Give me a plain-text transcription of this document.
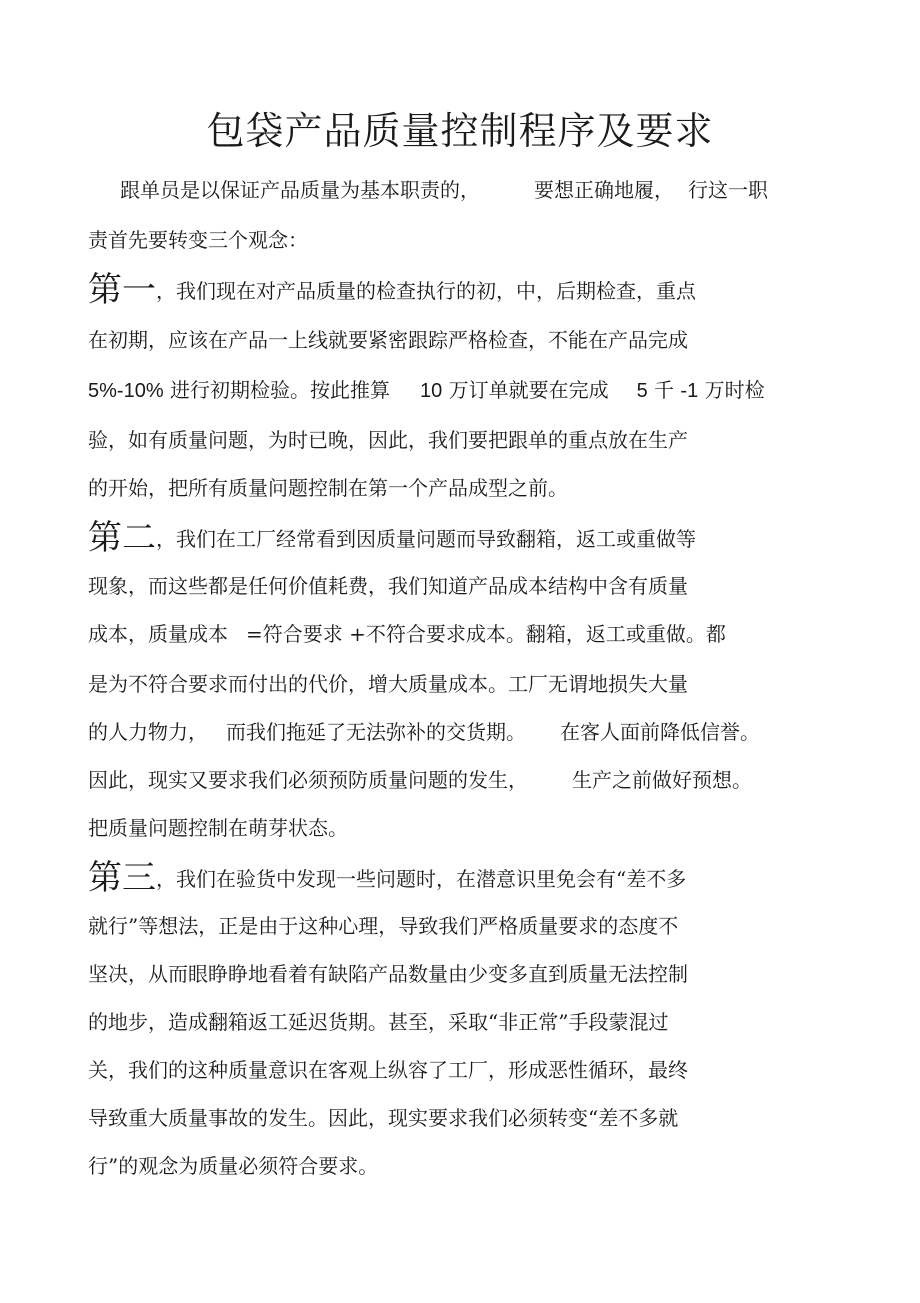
包袋产品质量控制程序及要求
跟单员是以保证产品质量为基本职责的，	要想正确地履， 行这一职
责首先要转变三个观念：
第一，我们现在对产品质量的检查执行的初，中，后期检查，重点
在初期，应该在产品一上线就要紧密跟踪严格检查，不能在产品完成
5%-10% 进行初期检验。按此推算 10 万订单就要在完成 5 千 -1 万时检
验，如有质量问题，为时已晚，因此，我们要把跟单的重点放在生产
的开始，把所有质量问题控制在第一个产品成型之前。
第二，我们在工厂经常看到因质量问题而导致翻箱，返工或重做等
现象，而这些都是任何价值耗费，我们知道产品成本结构中含有质量
成本，质量成本 =符合要求 +不符合要求成本。翻箱，返工或重做。都
是为不符合要求而付出的代价，增大质量成本。工厂无谓地损失大量
的人力物力， 而我们拖延了无法弥补的交货期。 在客人面前降低信誉。
因此，现实又要求我们必须预防质量问题的发生， 生产之前做好预想。
把质量问题控制在萌芽状态。
第三，我们在验货中发现一些问题时，在潜意识里免会有“差不多
就行”等想法，正是由于这种心理，导致我们严格质量要求的态度不
坚决，从而眼睁睁地看着有缺陷产品数量由少变多直到质量无法控制
的地步，造成翻箱返工延迟货期。甚至，采取“非正常”手段蒙混过
关，我们的这种质量意识在客观上纵容了工厂，形成恶性循环，最终
导致重大质量事故的发生。因此，现实要求我们必须转变“差不多就
行”的观念为质量必须符合要求。
